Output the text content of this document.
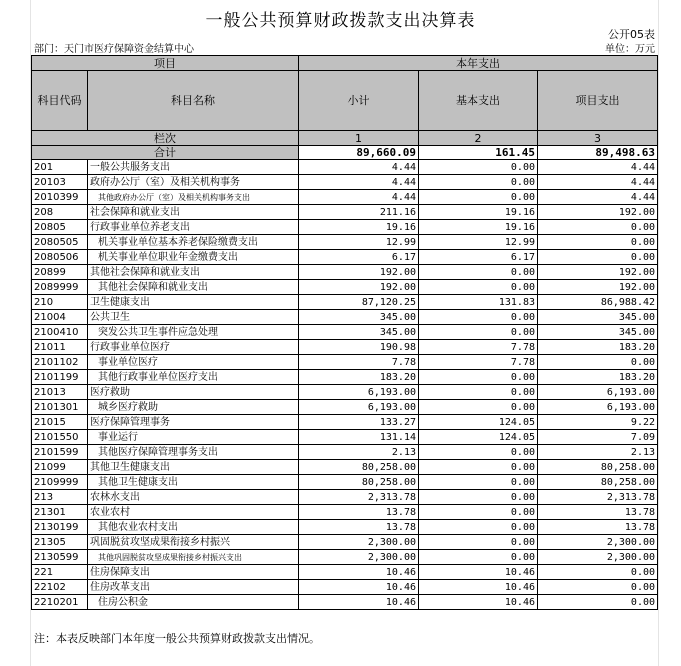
一般公共预算财政拨款支出决算表
公开05表
部门：天门市医疗保障资金结算中心	单位：万元
项目		本年支出		
科目代码	科目名称	小计	基本支出	项目支出
栏次		1	2	3
合计		89,660.09	161.45	89,498.63
201	一般公共服务支出	4.44	0.00	4.44
20103	政府办公厅（室）及相关机构事务	4.44	0.00	4.44
2010399	其他政府办公厅（室）及相关机构事务支出	4.44	0.00	4.44
208	社会保障和就业支出	211.16	19.16	192.00
20805	行政事业单位养老支出	19.16	19.16	0.00
2080505	机关事业单位基本养老保险缴费支出	12.99	12.99	0.00
2080506	机关事业单位职业年金缴费支出	6.17	6.17	0.00
20899	其他社会保障和就业支出	192.00	0.00	192.00
2089999	其他社会保障和就业支出	192.00	0.00	192.00
210	卫生健康支出	87,120.25	131.83	86,988.42
21004	公共卫生	345.00	0.00	345.00
2100410	突发公共卫生事件应急处理	345.00	0.00	345.00
21011	行政事业单位医疗	190.98	7.78	183.20
2101102	事业单位医疗	7.78	7.78	0.00
2101199	其他行政事业单位医疗支出	183.20	0.00	183.20
21013	医疗救助	6,193.00	0.00	6,193.00
2101301	城乡医疗救助	6,193.00	0.00	6,193.00
21015	医疗保障管理事务	133.27	124.05	9.22
2101550	事业运行	131.14	124.05	7.09
2101599	其他医疗保障管理事务支出	2.13	0.00	2.13
21099	其他卫生健康支出	80,258.00	0.00	80,258.00
2109999	其他卫生健康支出	80,258.00	0.00	80,258.00
213	农林水支出	2,313.78	0.00	2,313.78
21301	农业农村	13.78	0.00	13.78
2130199	其他农业农村支出	13.78	0.00	13.78
21305	巩固脱贫攻坚成果衔接乡村振兴	2,300.00	0.00	2,300.00
2130599	其他巩固脱贫攻坚成果衔接乡村振兴支出	2,300.00	0.00	2,300.00
221	住房保障支出	10.46	10.46	0.00
22102	住房改革支出	10.46	10.46	0.00
2210201	住房公积金	10.46	10.46	0.00
注：本表反映部门本年度一般公共预算财政拨款支出情况。
